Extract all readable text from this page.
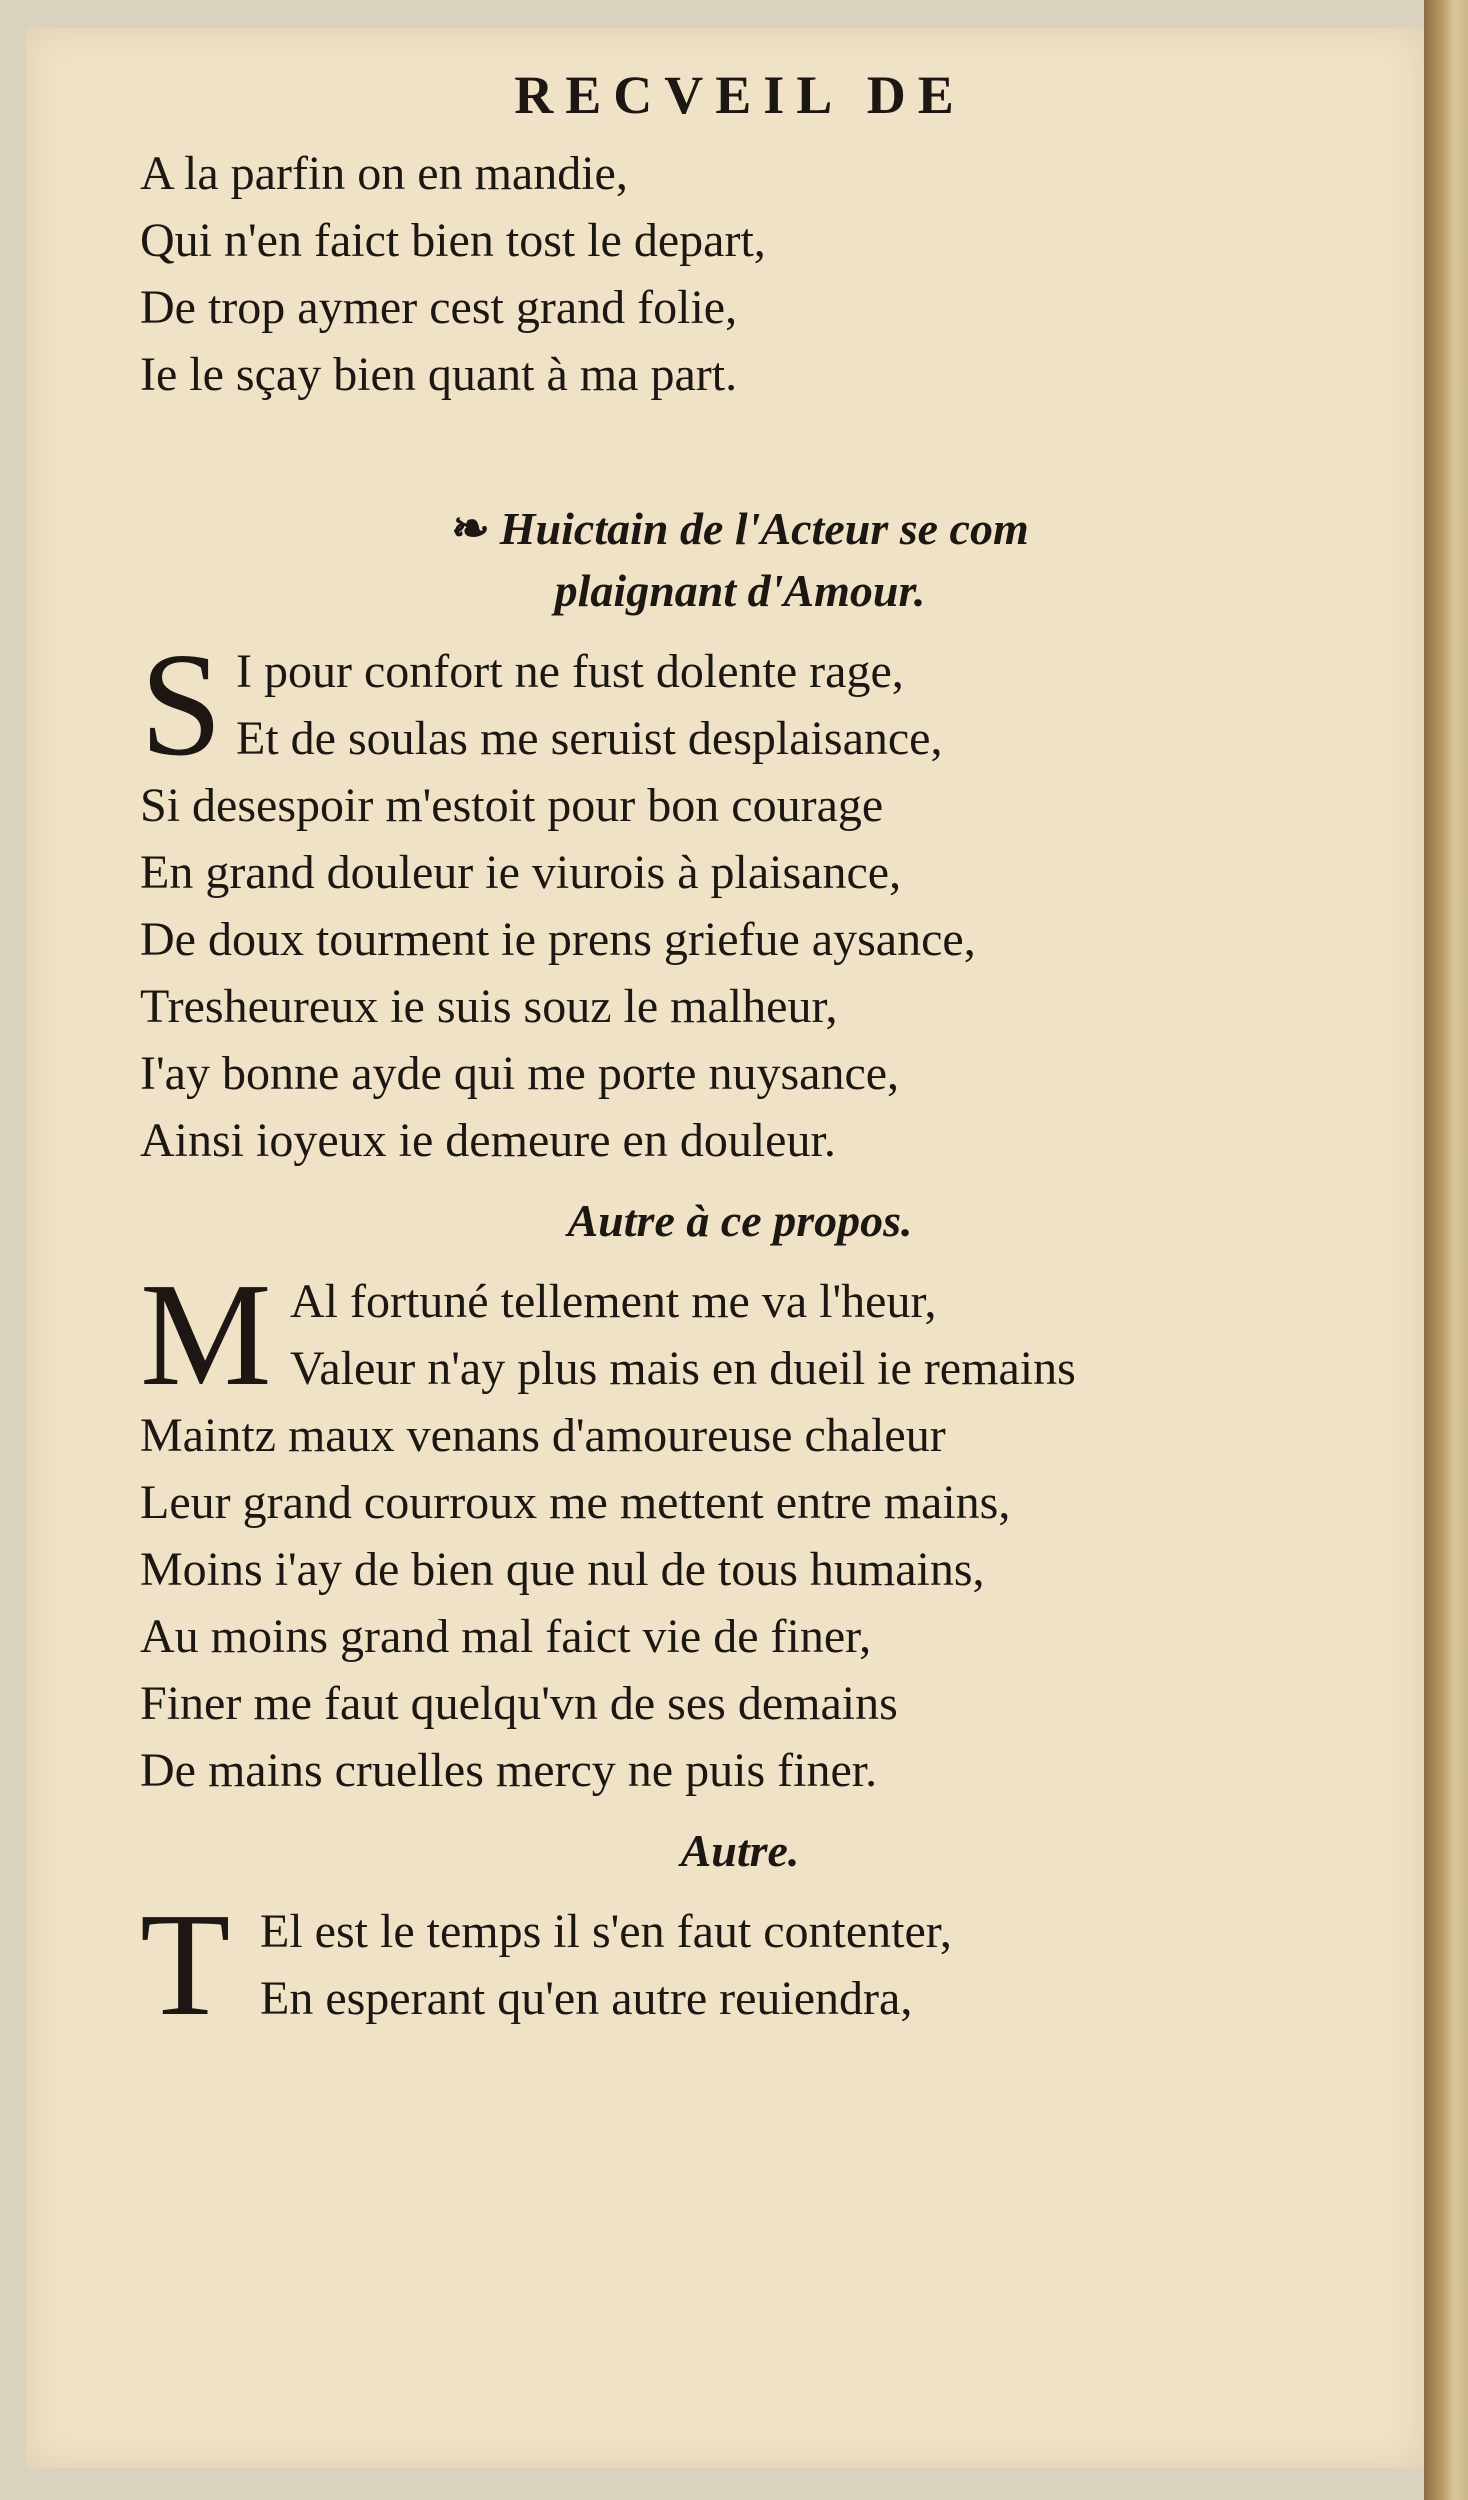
RECVEIL DE
A la parfin on en mandie,
Qui n'en faict bien tost le depart,
De trop aymer cest grand folie,
Ie le sçay bien quant à ma part.
❧ Huictain de l'Acteur se com
plaignant d'Amour.
S I pour confort ne fust dolente rage,
Et de soulas me seruist desplaisance,
Si desespoir m'estoit pour bon courage
En grand douleur ie viurois à plaisance,
De doux tourment ie prens griefue aysance,
Tresheureux ie suis souz le malheur,
I'ay bonne ayde qui me porte nuysance,
Ainsi ioyeux ie demeure en douleur.
Autre à ce propos.
M Al fortuné tellement me va l'heur,
Valeur n'ay plus mais en dueil ie remains
Maintz maux venans d'amoureuse chaleur
Leur grand courroux me mettent entre mains,
Moins i'ay de bien que nul de tous humains,
Au moins grand mal faict vie de finer,
Finer me faut quelqu'vn de ses demains
De mains cruelles mercy ne puis finer.
Autre.
T El est le temps il s'en faut contenter,
En esperant qu'en autre reuiendra,
